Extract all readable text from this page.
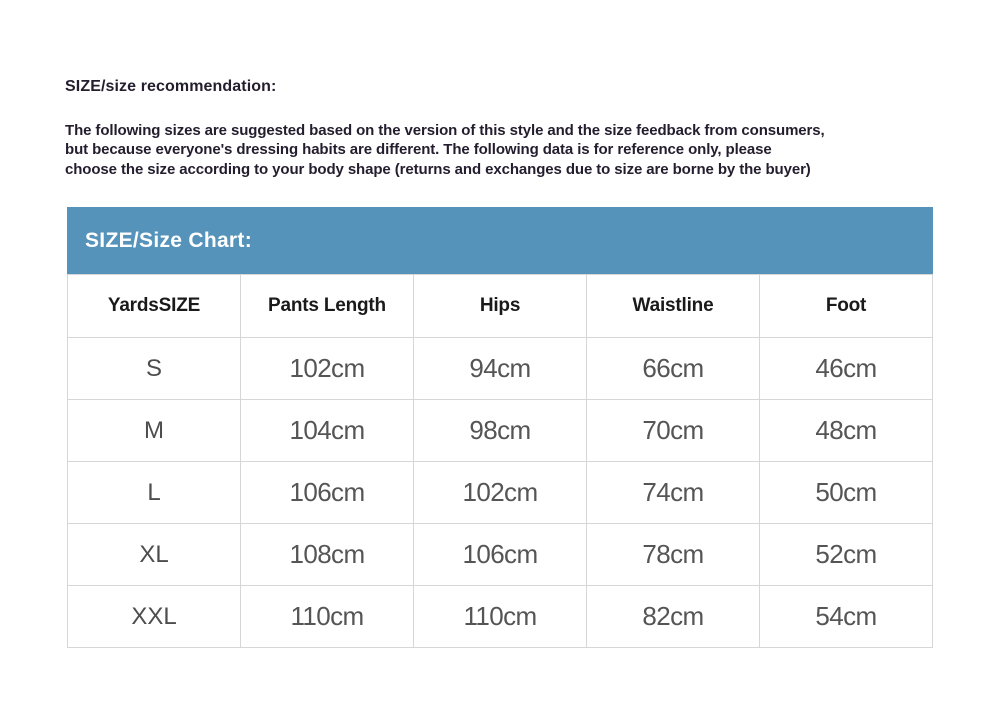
SIZE/size recommendation:
The following sizes are suggested based on the version of this style and the size feedback from consumers,
but because everyone's dressing habits are different. The following data is for reference only, please
choose the size according to your body shape (returns and exchanges due to size are borne by the buyer)
SIZE/Size Chart:
YardsSIZE	Pants Length	Hips	Waistline	Foot
S	102cm	94cm	66cm	46cm
M	104cm	98cm	70cm	48cm
L	106cm	102cm	74cm	50cm
XL	108cm	106cm	78cm	52cm
XXL	110cm	110cm	82cm	54cm
